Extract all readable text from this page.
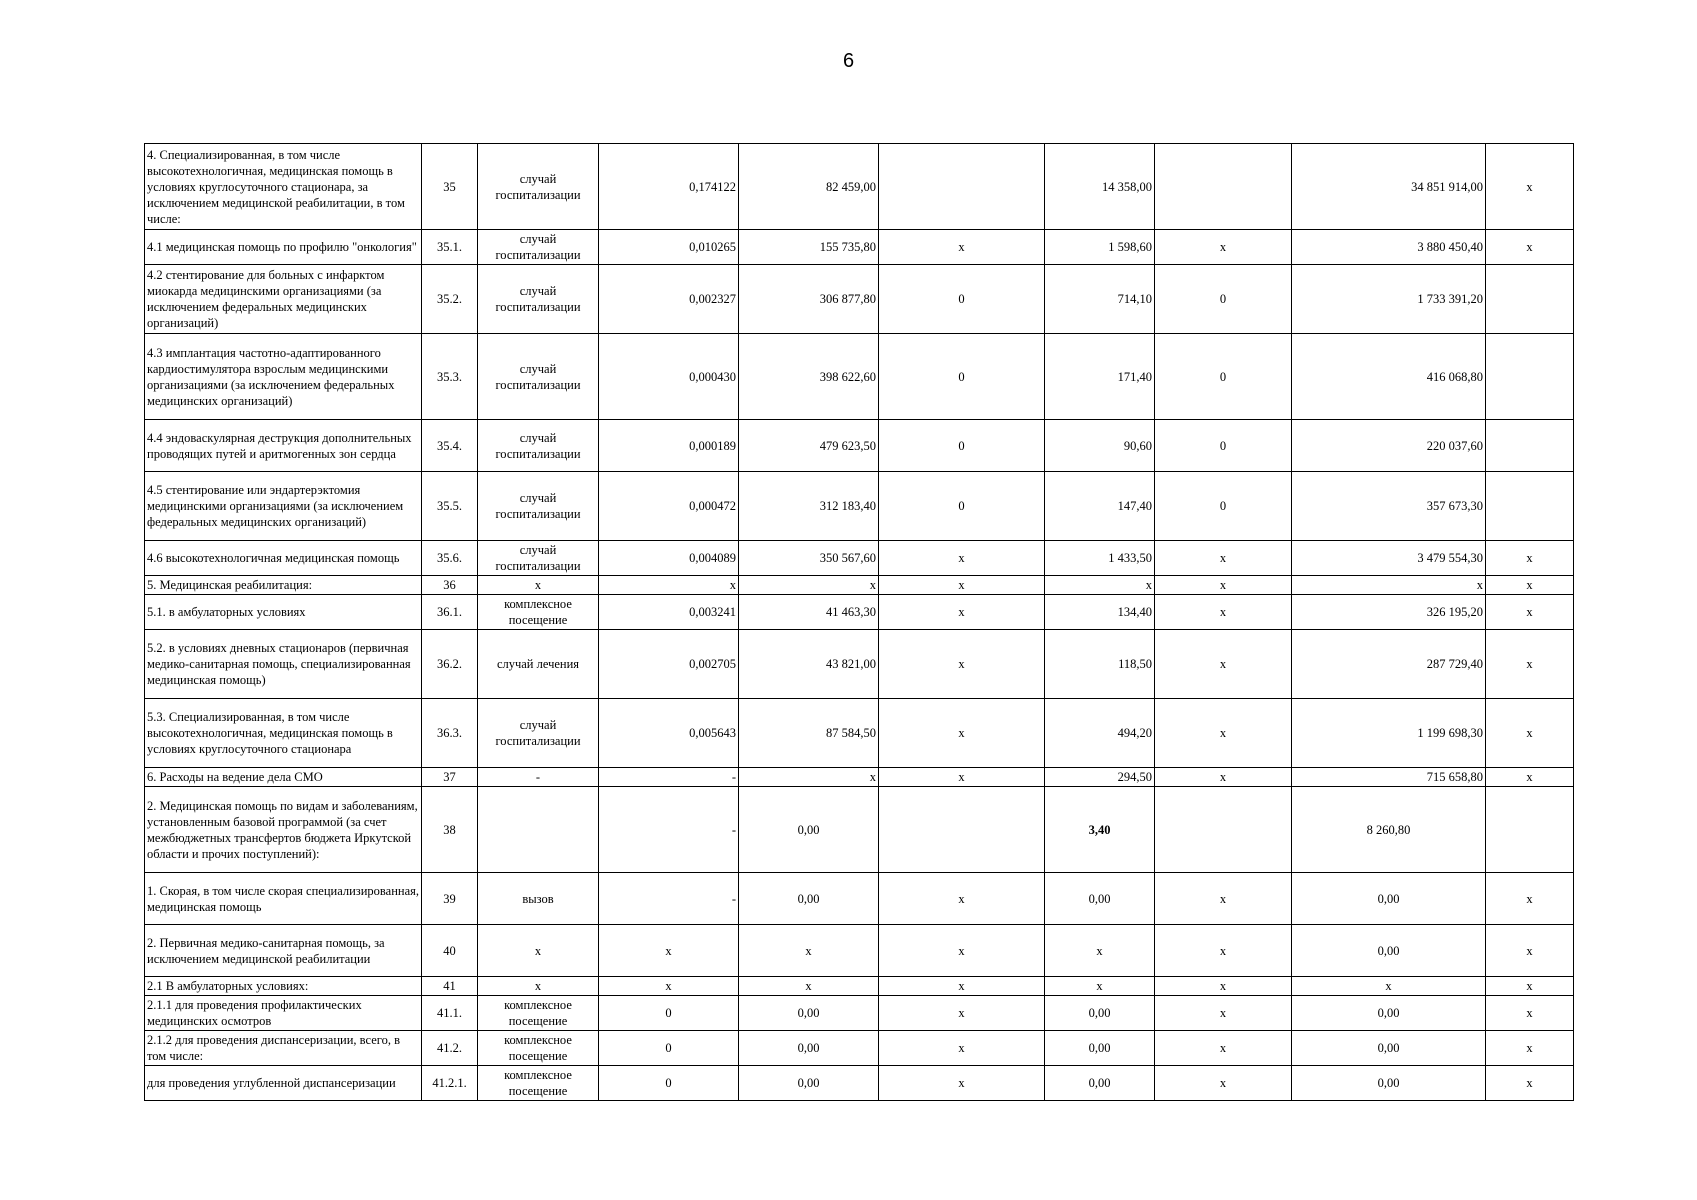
6
4. Специализированная, в том числе высокотехнологичная, медицинская помощь в условиях круглосуточного стационара, за исключением медицинской реабилитации, в том числе:	35	случай госпитализации	0,174122	82 459,00		14 358,00		34 851 914,00	x
4.1 медицинская помощь по профилю "онкология"	35.1.	случай госпитализации	0,010265	155 735,80	x	1 598,60	x	3 880 450,40	x
4.2 стентирование для больных с инфарктом миокарда медицинскими организациями (за исключением федеральных медицинских организаций)	35.2.	случай госпитализации	0,002327	306 877,80	0	714,10	0	1 733 391,20	
4.3 имплантация частотно-адаптированного кардиостимулятора взрослым медицинскими организациями (за исключением федеральных медицинских организаций)	35.3.	случай госпитализации	0,000430	398 622,60	0	171,40	0	416 068,80	
4.4 эндоваскулярная деструкция дополнительных проводящих путей и аритмогенных зон сердца	35.4.	случай госпитализации	0,000189	479 623,50	0	90,60	0	220 037,60	
4.5 стентирование или эндартерэктомия медицинскими организациями (за исключением федеральных медицинских организаций)	35.5.	случай госпитализации	0,000472	312 183,40	0	147,40	0	357 673,30	
4.6 высокотехнологичная медицинская помощь	35.6.	случай госпитализации	0,004089	350 567,60	x	1 433,50	x	3 479 554,30	x
5. Медицинская реабилитация:	36	x	x	x	x	x	x	x	x
5.1. в амбулаторных условиях	36.1.	комплексное посещение	0,003241	41 463,30	x	134,40	x	326 195,20	x
5.2. в условиях дневных стационаров (первичная медико-санитарная помощь, специализированная медицинская помощь)	36.2.	случай лечения	0,002705	43 821,00	x	118,50	x	287 729,40	x
5.3. Специализированная, в том числе высокотехнологичная, медицинская помощь в условиях круглосуточного стационара	36.3.	случай госпитализации	0,005643	87 584,50	x	494,20	x	1 199 698,30	x
6. Расходы на ведение дела СМО	37	-	-	x	x	294,50	x	715 658,80	x
2. Медицинская помощь по видам и заболеваниям, установленным базовой программой (за счет межбюджетных трансфертов бюджета Иркутской области и прочих поступлений):	38		-	0,00		3,40		8 260,80	
1. Скорая, в том числе скорая специализированная, медицинская помощь	39	вызов	-	0,00	x	0,00	x	0,00	x
2. Первичная медико-санитарная помощь, за исключением медицинской реабилитации	40	x	x	x	x	x	x	0,00	x
2.1 В амбулаторных условиях:	41	x	x	x	x	x	x	x	x
2.1.1 для проведения профилактических медицинских осмотров	41.1.	комплексное посещение	0	0,00	x	0,00	x	0,00	x
2.1.2 для проведения диспансеризации, всего, в том числе:	41.2.	комплексное посещение	0	0,00	x	0,00	x	0,00	x
для проведения углубленной диспансеризации	41.2.1.	комплексное посещение	0	0,00	x	0,00	x	0,00	x
